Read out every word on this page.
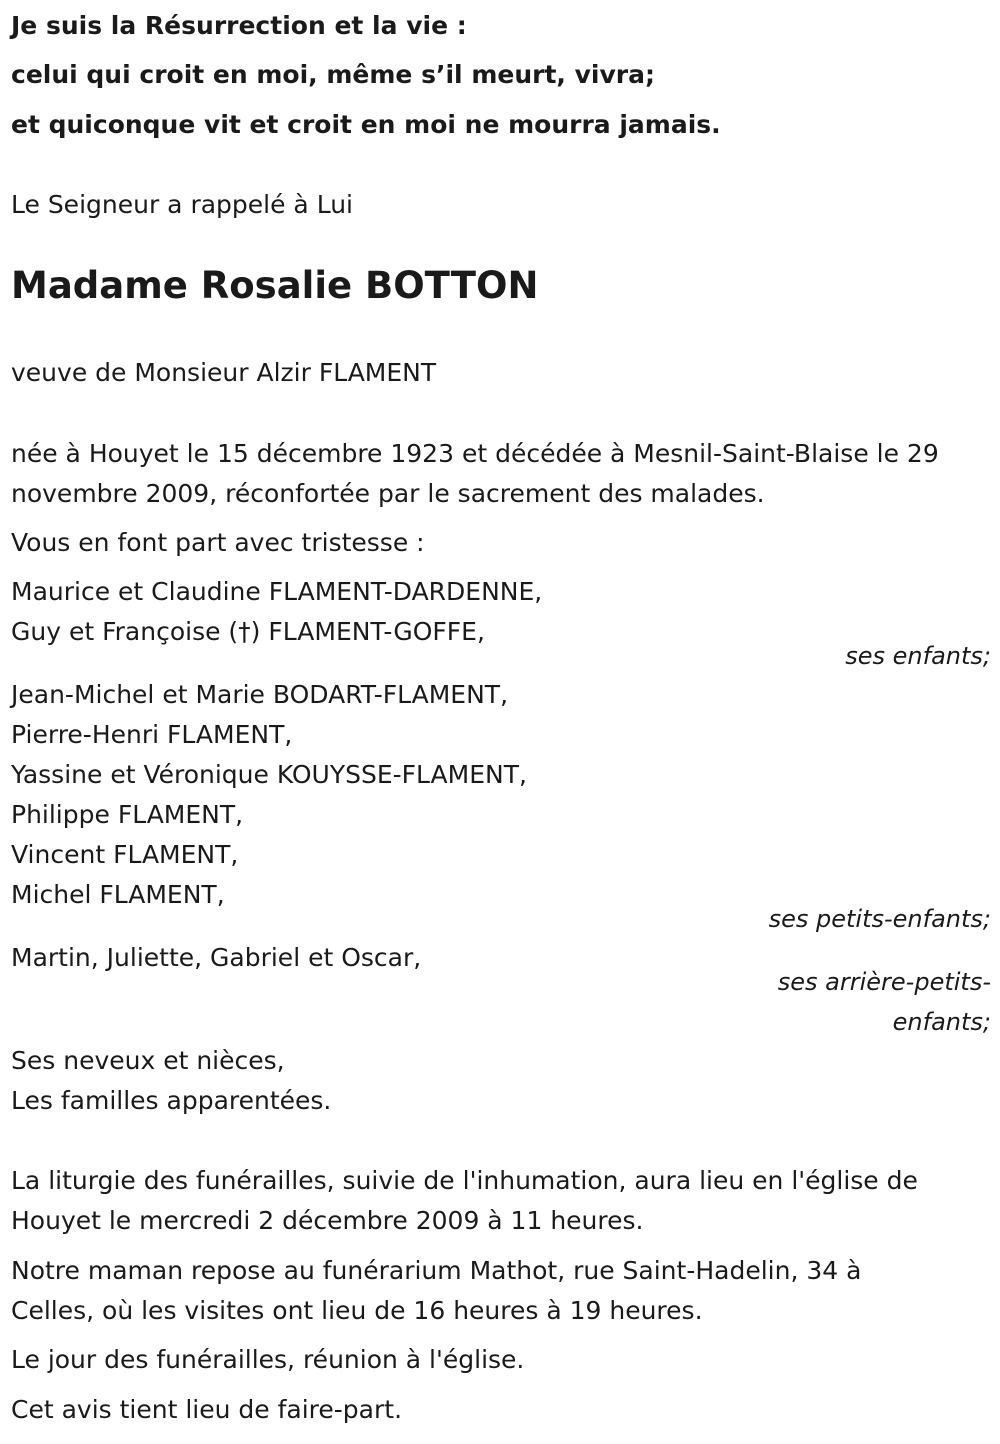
Je suis la Résurrection et la vie :
celui qui croit en moi, même s’il meurt, vivra;
et quiconque vit et croit en moi ne mourra jamais.
Le Seigneur a rappelé à Lui
Madame Rosalie BOTTON
veuve de Monsieur Alzir FLAMENT
née à Houyet le 15 décembre 1923 et décédée à Mesnil-Saint-Blaise le 29
novembre 2009, réconfortée par le sacrement des malades.
Vous en font part avec tristesse :
Maurice et Claudine FLAMENT-DARDENNE,
Guy et Françoise (†) FLAMENT-GOFFE,
ses enfants;
Jean-Michel et Marie BODART-FLAMENT,
Pierre-Henri FLAMENT,
Yassine et Véronique KOUYSSE-FLAMENT,
Philippe FLAMENT,
Vincent FLAMENT,
Michel FLAMENT,
ses petits-enfants;
Martin, Juliette, Gabriel et Oscar,
ses arrière-petits-
enfants;
Ses neveux et nièces,
Les familles apparentées.
La liturgie des funérailles, suivie de l'inhumation, aura lieu en l'église de
Houyet le mercredi 2 décembre 2009 à 11 heures.
Notre maman repose au funérarium Mathot, rue Saint-Hadelin, 34 à
Celles, où les visites ont lieu de 16 heures à 19 heures.
Le jour des funérailles, réunion à l'église.
Cet avis tient lieu de faire-part.
